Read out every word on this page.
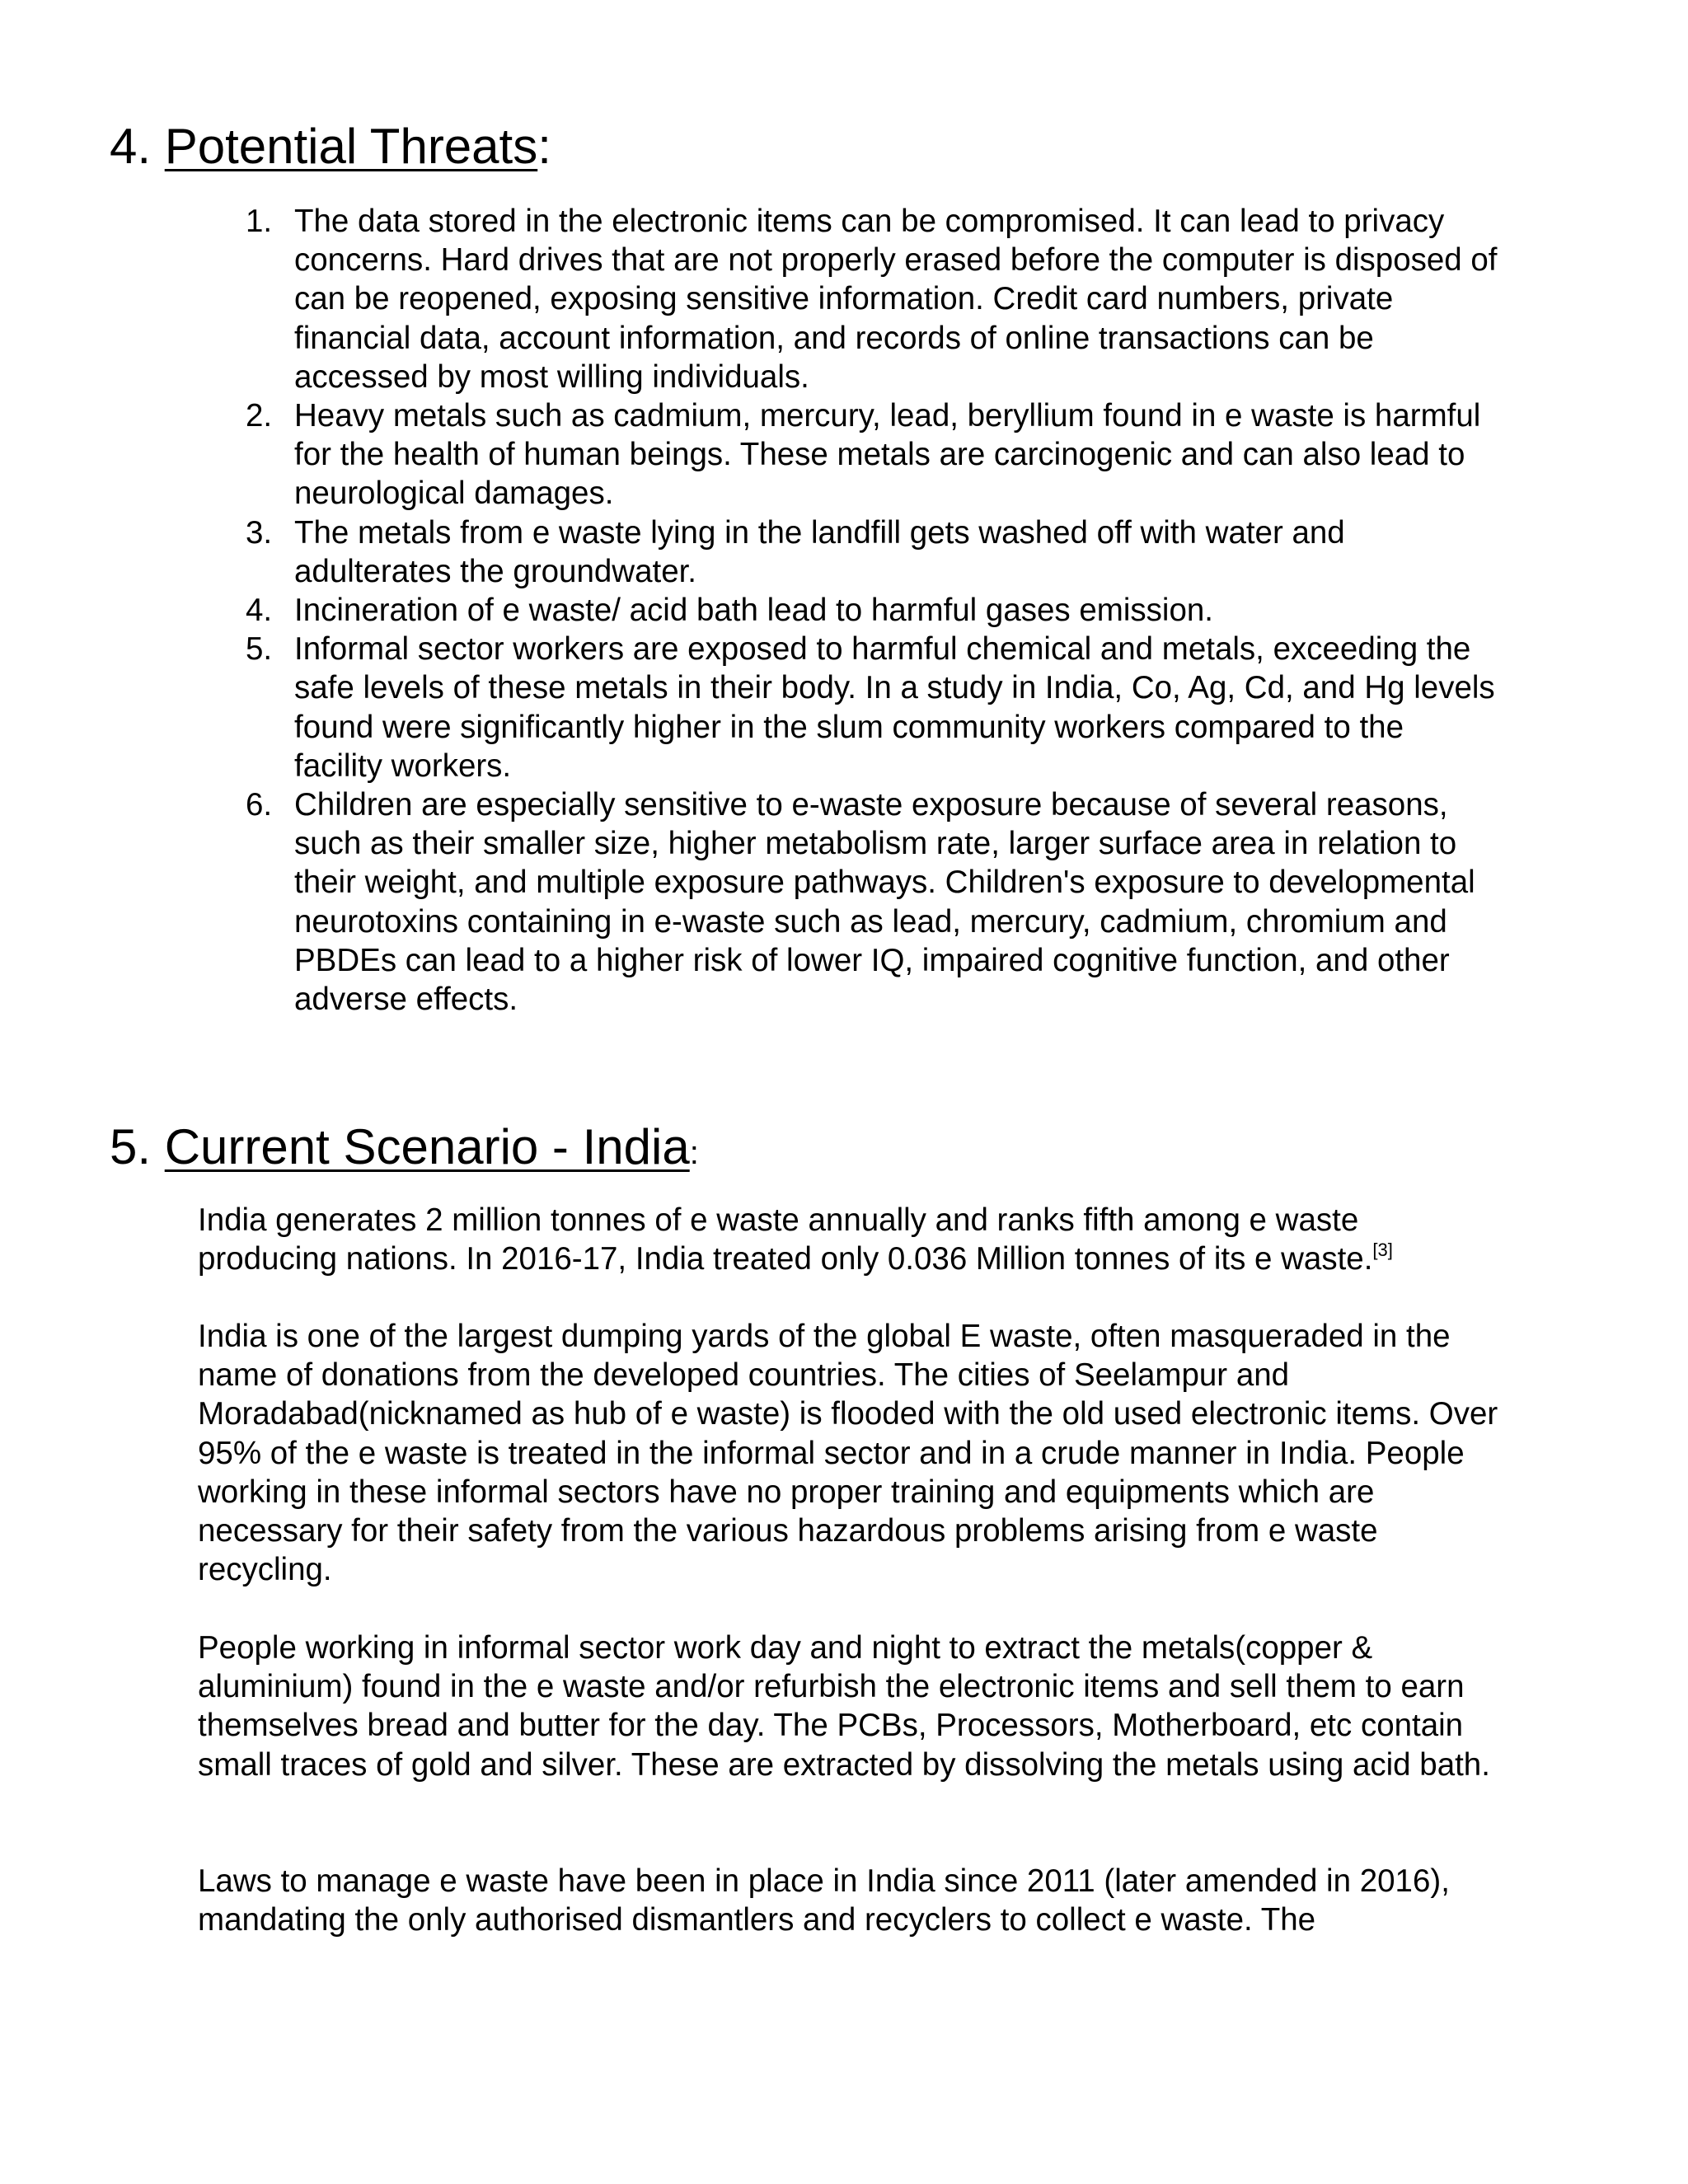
4. Potential Threats:
1. The data stored in the electronic items can be compromised. It can lead to privacy concerns. Hard drives that are not properly erased before the computer is disposed of can be reopened, exposing sensitive information. Credit card numbers, private financial data, account information, and records of online transactions can be accessed by most willing individuals.
2. Heavy metals such as cadmium, mercury, lead, beryllium found in e waste is harmful for the health of human beings. These metals are carcinogenic and can also lead to neurological damages.
3. The metals from e waste lying in the landfill gets washed off with water and adulterates the groundwater.
4. Incineration of e waste/ acid bath lead to harmful gases emission.
5. Informal sector workers are exposed to harmful chemical and metals, exceeding the safe levels of these metals in their body. In a study in India, Co, Ag, Cd, and Hg levels found were significantly higher in the slum community workers compared to the facility workers.
6. Children are especially sensitive to e-waste exposure because of several reasons, such as their smaller size, higher metabolism rate, larger surface area in relation to their weight, and multiple exposure pathways. Children's exposure to developmental neurotoxins containing in e-waste such as lead, mercury, cadmium, chromium and PBDEs can lead to a higher risk of lower IQ, impaired cognitive function, and other adverse effects.
5. Current Scenario - India:

India generates 2 million tonnes of e waste annually and ranks fifth among e waste producing nations. In 2016-17, India treated only 0.036 Million tonnes of its e waste.[3]

India is one of the largest dumping yards of the global E waste, often masqueraded in the name of donations from the developed countries. The cities of Seelampur and Moradabad(nicknamed as hub of e waste) is flooded with the old used electronic items. Over 95% of the e waste is treated in the informal sector and in a crude manner in India. People working in these informal sectors have no proper training and equipments which are necessary for their safety from the various hazardous problems arising from e waste recycling.

People working in informal sector work day and night to extract the metals(copper & aluminium) found in the e waste and/or refurbish the electronic items and sell them to earn themselves bread and butter for the day. The PCBs, Processors, Motherboard, etc contain small traces of gold and silver. These are extracted by dissolving the metals using acid bath.

Laws to manage e waste have been in place in India since 2011 (later amended in 2016), mandating the only authorised dismantlers and recyclers to collect e waste. The
